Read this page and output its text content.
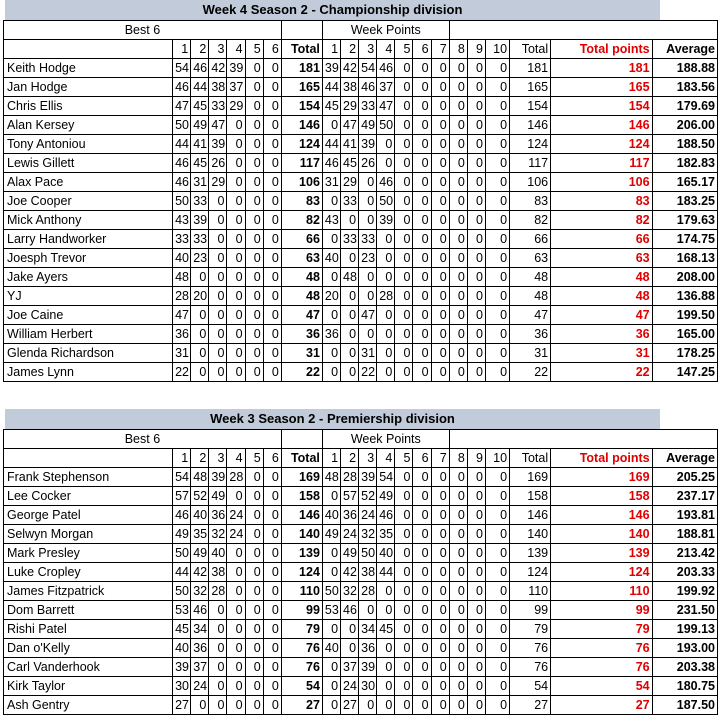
Week 4 Season 2 - Championship division
Best 6								Week Points												
	1	2	3	4	5	6	Total	1	2	3	4	5	6	7	8	9	10	Total	Total points	Average
Keith Hodge	54	46	42	39	0	0	181	39	42	54	46	0	0	0	0	0	0	181	181	188.88
Jan Hodge	46	44	38	37	0	0	165	44	38	46	37	0	0	0	0	0	0	165	165	183.56
Chris Ellis	47	45	33	29	0	0	154	45	29	33	47	0	0	0	0	0	0	154	154	179.69
Alan Kersey	50	49	47	0	0	0	146	0	47	49	50	0	0	0	0	0	0	146	146	206.00
Tony Antoniou	44	41	39	0	0	0	124	44	41	39	0	0	0	0	0	0	0	124	124	188.50
Lewis Gillett	46	45	26	0	0	0	117	46	45	26	0	0	0	0	0	0	0	117	117	182.83
Alax Pace	46	31	29	0	0	0	106	31	29	0	46	0	0	0	0	0	0	106	106	165.17
Joe Cooper	50	33	0	0	0	0	83	0	33	0	50	0	0	0	0	0	0	83	83	183.25
Mick Anthony	43	39	0	0	0	0	82	43	0	0	39	0	0	0	0	0	0	82	82	179.63
Larry Handworker	33	33	0	0	0	0	66	0	33	33	0	0	0	0	0	0	0	66	66	174.75
Joesph Trevor	40	23	0	0	0	0	63	40	0	23	0	0	0	0	0	0	0	63	63	168.13
Jake Ayers	48	0	0	0	0	0	48	0	48	0	0	0	0	0	0	0	0	48	48	208.00
YJ	28	20	0	0	0	0	48	20	0	0	28	0	0	0	0	0	0	48	48	136.88
Joe Caine	47	0	0	0	0	0	47	0	0	47	0	0	0	0	0	0	0	47	47	199.50
William Herbert	36	0	0	0	0	0	36	36	0	0	0	0	0	0	0	0	0	36	36	165.00
Glenda Richardson	31	0	0	0	0	0	31	0	0	31	0	0	0	0	0	0	0	31	31	178.25
James Lynn	22	0	0	0	0	0	22	0	0	22	0	0	0	0	0	0	0	22	22	147.25
Week 3 Season 2 - Premiership division
Best 6								Week Points												
	1	2	3	4	5	6	Total	1	2	3	4	5	6	7	8	9	10	Total	Total points	Average
Frank Stephenson	54	48	39	28	0	0	169	48	28	39	54	0	0	0	0	0	0	169	169	205.25
Lee Cocker	57	52	49	0	0	0	158	0	57	52	49	0	0	0	0	0	0	158	158	237.17
George Patel	46	40	36	24	0	0	146	40	36	24	46	0	0	0	0	0	0	146	146	193.81
Selwyn Morgan	49	35	32	24	0	0	140	49	24	32	35	0	0	0	0	0	0	140	140	188.81
Mark Presley	50	49	40	0	0	0	139	0	49	50	40	0	0	0	0	0	0	139	139	213.42
Luke Cropley	44	42	38	0	0	0	124	0	42	38	44	0	0	0	0	0	0	124	124	203.33
James Fitzpatrick	50	32	28	0	0	0	110	50	32	28	0	0	0	0	0	0	0	110	110	199.92
Dom Barrett	53	46	0	0	0	0	99	53	46	0	0	0	0	0	0	0	0	99	99	231.50
Rishi Patel	45	34	0	0	0	0	79	0	0	34	45	0	0	0	0	0	0	79	79	199.13
Dan o'Kelly	40	36	0	0	0	0	76	40	0	36	0	0	0	0	0	0	0	76	76	193.00
Carl Vanderhook	39	37	0	0	0	0	76	0	37	39	0	0	0	0	0	0	0	76	76	203.38
Kirk Taylor	30	24	0	0	0	0	54	0	24	30	0	0	0	0	0	0	0	54	54	180.75
Ash Gentry	27	0	0	0	0	0	27	0	27	0	0	0	0	0	0	0	0	27	27	187.50
